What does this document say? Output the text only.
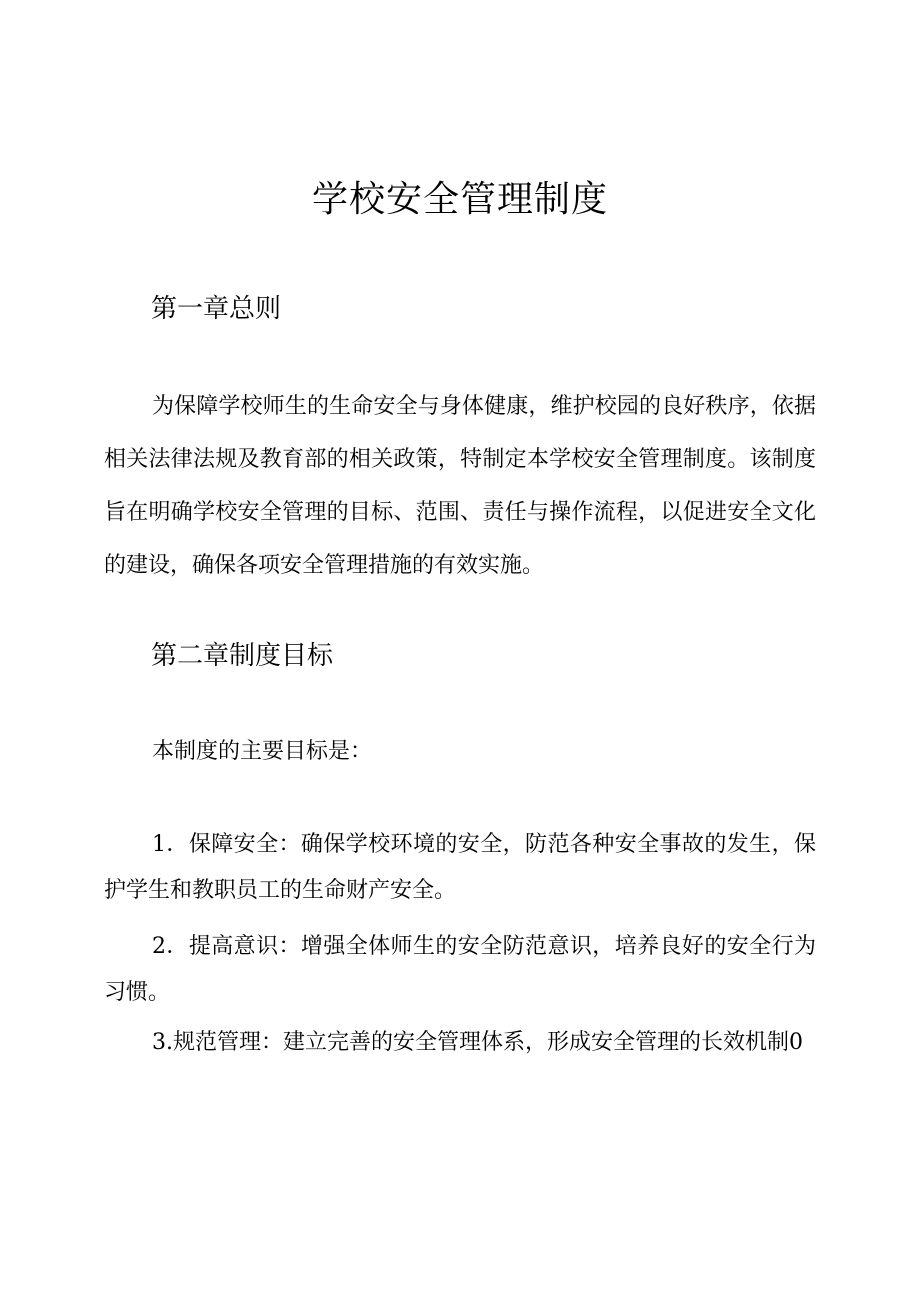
学校安全管理制度
第一章总则

为保障学校师生的生命安全与身体健康，维护校园的良好秩序，依据相关法律法规及教育部的相关政策，特制定本学校安全管理制度。该制度旨在明确学校安全管理的目标、范围、责任与操作流程，以促进安全文化的建设，确保各项安全管理措施的有效实施。

第二章制度目标

本制度的主要目标是：

1．保障安全：确保学校环境的安全，防范各种安全事故的发生，保护学生和教职员工的生命财产安全。

2．提高意识：增强全体师生的安全防范意识，培养良好的安全行为习惯。

3.规范管理：建立完善的安全管理体系，形成安全管理的长效机制0
